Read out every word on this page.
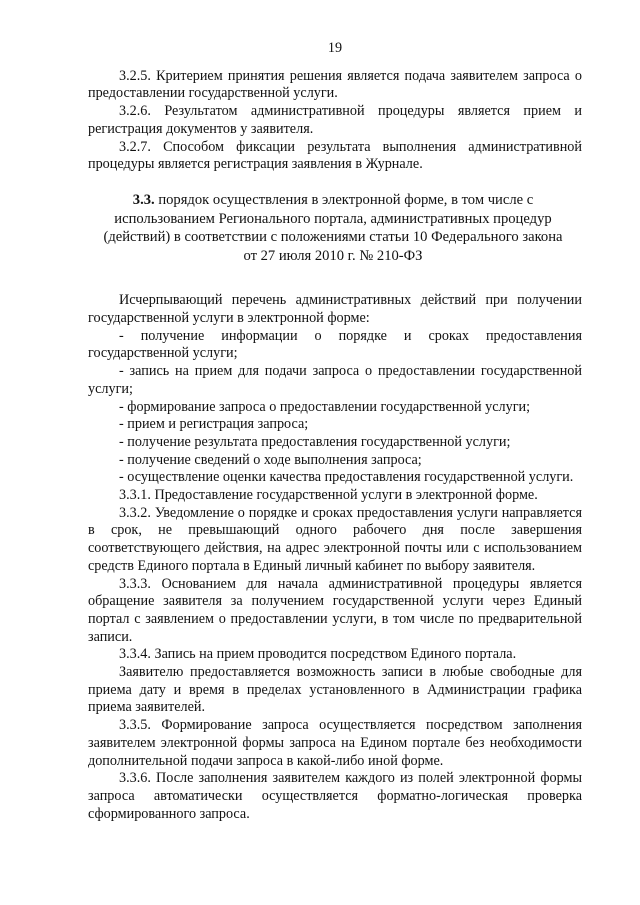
19

3.2.5. Критерием принятия решения является подача заявителем запроса о предоставлении государственной услуги.

3.2.6. Результатом административной процедуры является прием и регистрация документов у заявителя.

3.2.7. Способом фиксации результата выполнения административной процедуры является регистрация заявления в Журнале.

3.3. порядок осуществления в электронной форме, в том числе с использованием Регионального портала, административных процедур (действий) в соответствии с положениями статьи 10 Федерального закона от 27 июля 2010 г. № 210-ФЗ

Исчерпывающий перечень административных действий при получении государственной услуги в электронной форме:

- получение информации о порядке и сроках предоставления государственной услуги;

- запись на прием для подачи запроса о предоставлении государственной услуги;

- формирование запроса о предоставлении государственной услуги;

- прием и регистрация запроса;

- получение результата предоставления государственной услуги;

- получение сведений о ходе выполнения запроса;

- осуществление оценки качества предоставления государственной услуги.

3.3.1. Предоставление государственной услуги в электронной форме.

3.3.2. Уведомление о порядке и сроках предоставления услуги направляется в срок, не превышающий одного рабочего дня после завершения соответствующего действия, на адрес электронной почты или с использованием средств Единого портала в Единый личный кабинет по выбору заявителя.

3.3.3. Основанием для начала административной процедуры является обращение заявителя за получением государственной услуги через Единый портал с заявлением о предоставлении услуги, в том числе по предварительной записи.

3.3.4. Запись на прием проводится посредством Единого портала.

Заявителю предоставляется возможность записи в любые свободные для приема дату и время в пределах установленного в Администрации графика приема заявителей.

3.3.5. Формирование запроса осуществляется посредством заполнения заявителем электронной формы запроса на Едином портале без необходимости дополнительной подачи запроса в какой-либо иной форме.

3.3.6. После заполнения заявителем каждого из полей электронной формы запроса автоматически осуществляется форматно-логическая проверка сформированного запроса.
